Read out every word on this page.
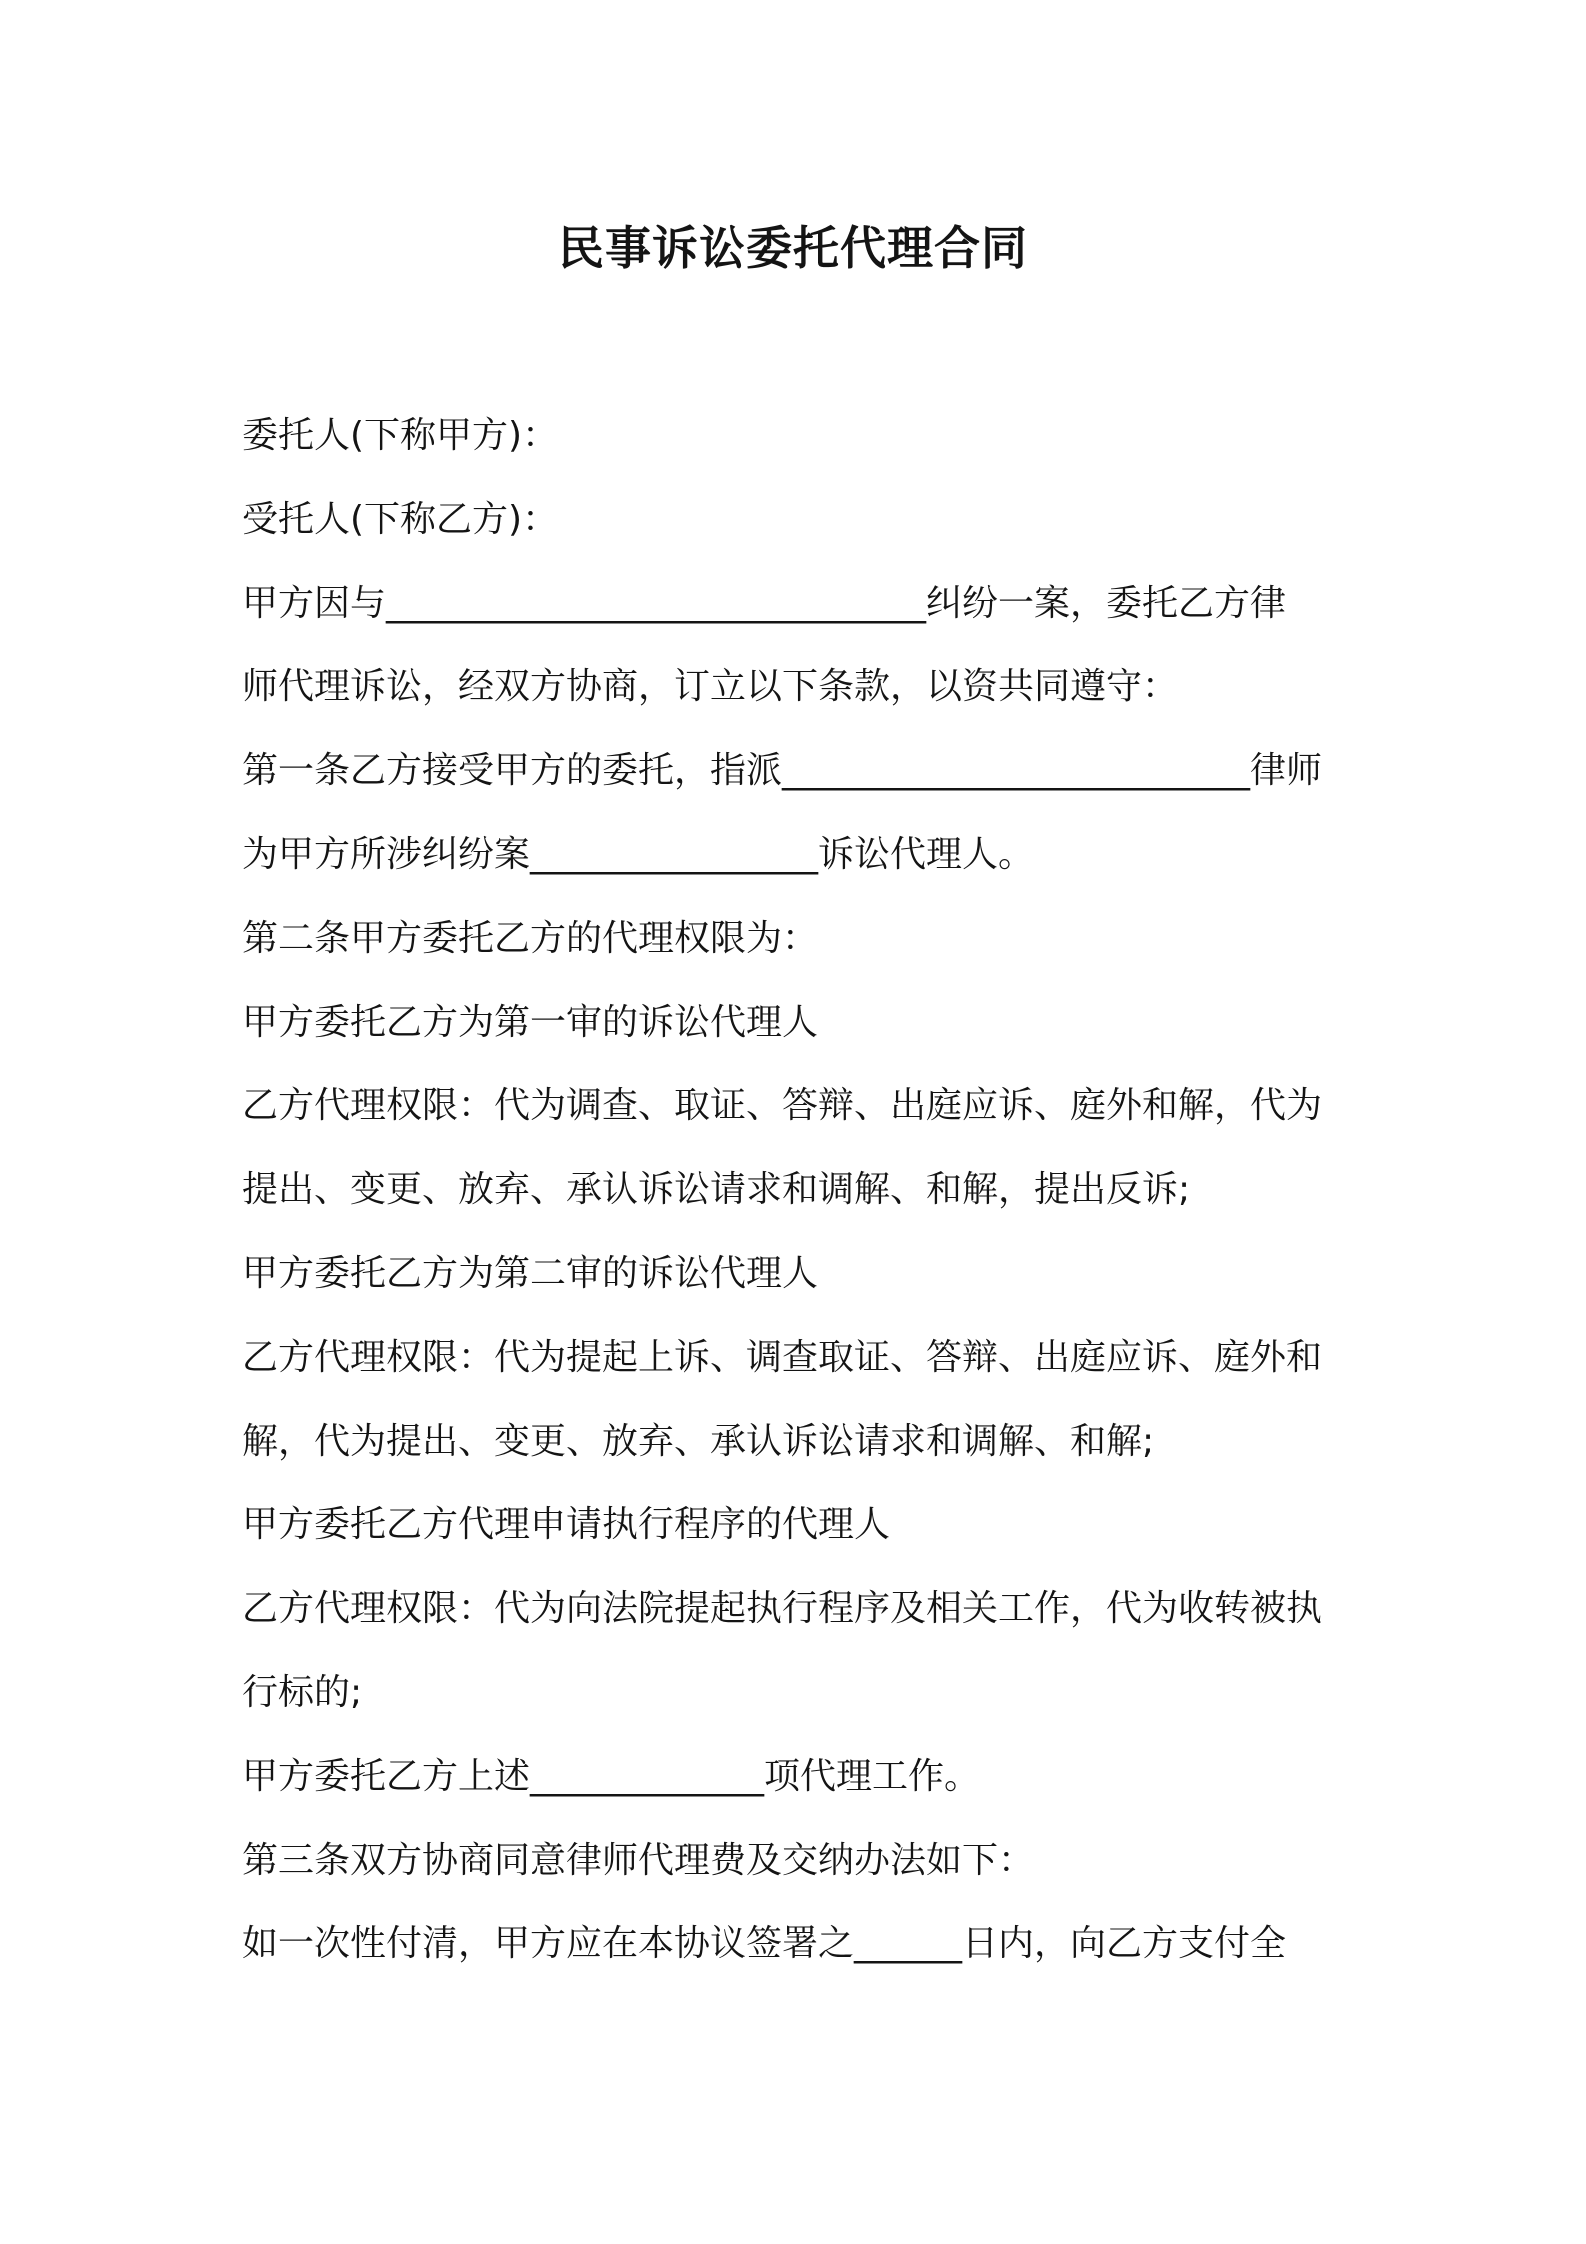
民事诉讼委托代理合同
委托人(下称甲方)：
受托人(下称乙方)：
甲方因与______________________________纠纷一案，委托乙方律
师代理诉讼，经双方协商，订立以下条款，以资共同遵守：
第一条乙方接受甲方的委托，指派__________________________律师
为甲方所涉纠纷案________________诉讼代理人。
第二条甲方委托乙方的代理权限为：
甲方委托乙方为第一审的诉讼代理人
乙方代理权限：代为调查、取证、答辩、出庭应诉、庭外和解，代为
提出、变更、放弃、承认诉讼请求和调解、和解，提出反诉;
甲方委托乙方为第二审的诉讼代理人
乙方代理权限：代为提起上诉、调查取证、答辩、出庭应诉、庭外和
解，代为提出、变更、放弃、承认诉讼请求和调解、和解;
甲方委托乙方代理申请执行程序的代理人
乙方代理权限：代为向法院提起执行程序及相关工作，代为收转被执
行标的;
甲方委托乙方上述_____________项代理工作。
第三条双方协商同意律师代理费及交纳办法如下：
如一次性付清，甲方应在本协议签署之______日内，向乙方支付全
